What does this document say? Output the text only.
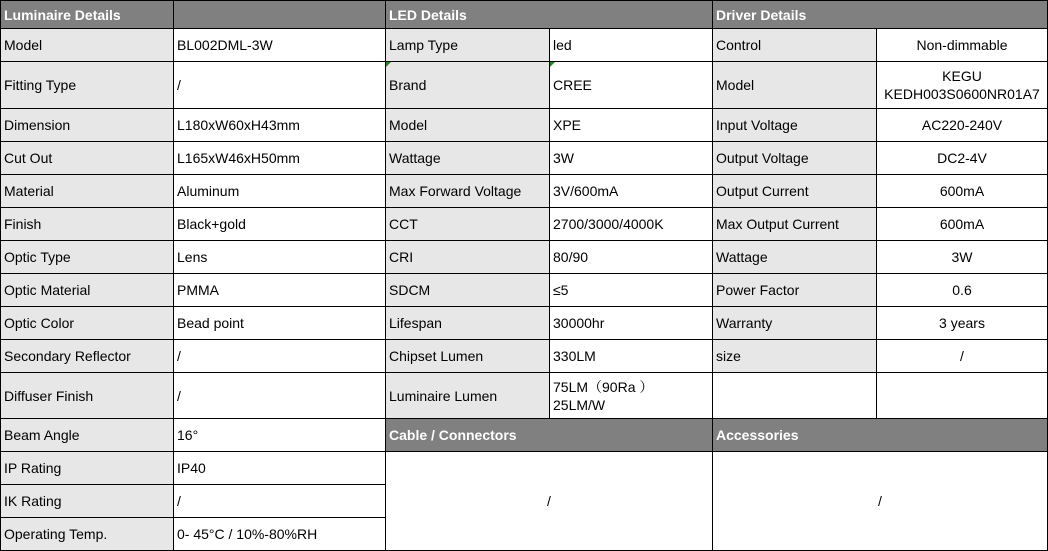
Luminaire Details		LED Details		Driver Details	
Model	BL002DML-3W	Lamp Type	led	Control	Non-dimmable
Fitting Type	/	Brand	CREE	Model	KEGU
KEDH003S0600NR01A7

Dimension	L180xW60xH43mm	Model	XPE	Input Voltage	AC220-240V
Cut Out	L165xW46xH50mm	Wattage	3W	Output Voltage	DC2-4V
Material	Aluminum	Max Forward Voltage	3V/600mA	Output Current	600mA
Finish	Black+gold	CCT	2700/3000/4000K	Max Output Current	600mA
Optic Type	Lens	CRI	80/90	Wattage	3W
Optic Material	PMMA	SDCM	≤5	Power Factor	0.6
Optic Color	Bead point	Lifespan	30000hr	Warranty	3 years
Secondary Reflector	/	Chipset Lumen	330LM	size	/
Diffuser Finish	/	Luminaire Lumen	75LM（90Ra ）
25LM/W		

Beam Angle	16°	Cable / Connectors		Accessories	
IP Rating	IP40	/		/	
IK Rating	/				
Operating Temp.	0- 45°C / 10%-80%RH				
